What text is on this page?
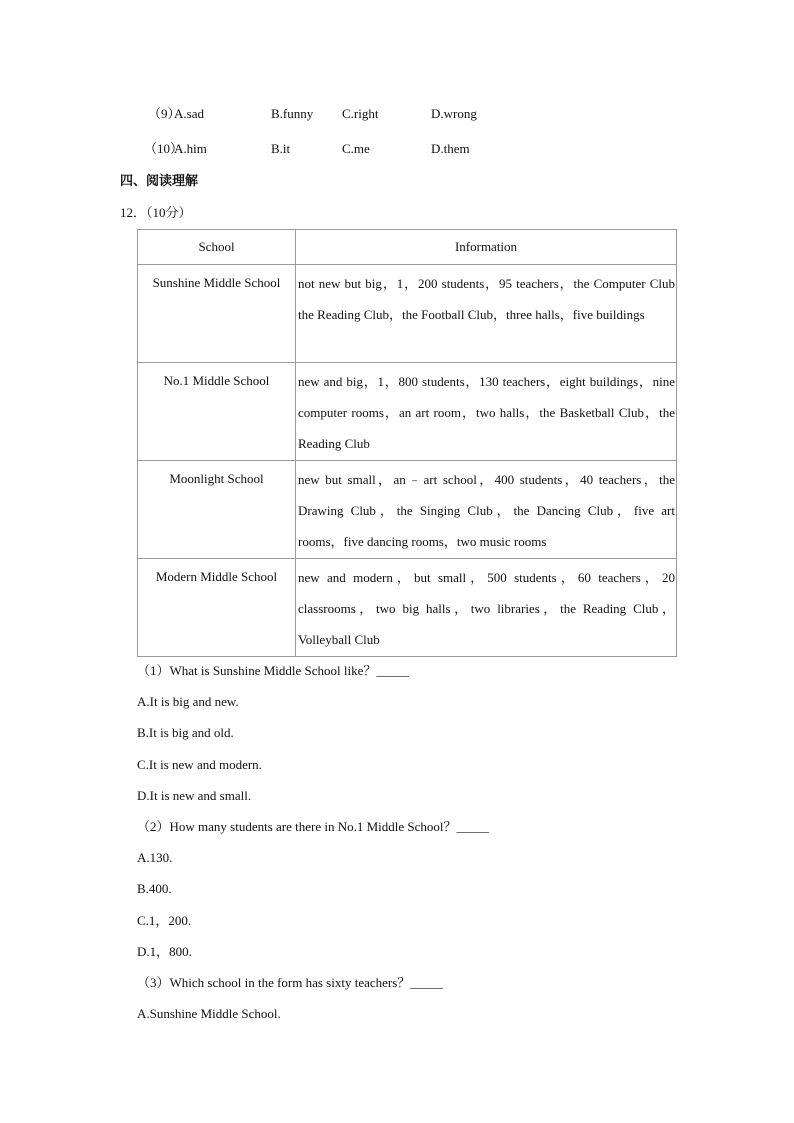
（9）
A.sad	B.funny C.right	D.wrong
（10）
A.him	B.it	C.me	D.them
四、阅读理解
12．（10分）
School	Information
Sunshine Middle School	not new but big，1，200 students，95 teachers，the Computer Club the Reading Club，the Football Club，three halls，five buildings
No.1 Middle School	new and big，1，800 students，130 teachers，eight buildings，nine computer rooms，an art room，two halls，the Basketball Club，the Reading Club
Moonlight School	new but small，an﹣art school，400 students，40 teachers，the Drawing Club，the Singing Club，the Dancing Club，five art rooms，five dancing rooms，two music rooms
Modern Middle School	new and modern，but small，500 students，60 teachers，20 classrooms，two big halls，two libraries，the Reading Club，Volleyball Club
（1）What is Sunshine Middle School like？_____
A.It is big and new.
B.It is big and old.
C.It is new and modern.
D.It is new and small.
（2）How many students are there in No.1 Middle School？_____
A.130.
B.400.
C.1，200.
D.1，800.
（3）Which school in the form has sixty teachers？_____
A.Sunshine Middle School.
